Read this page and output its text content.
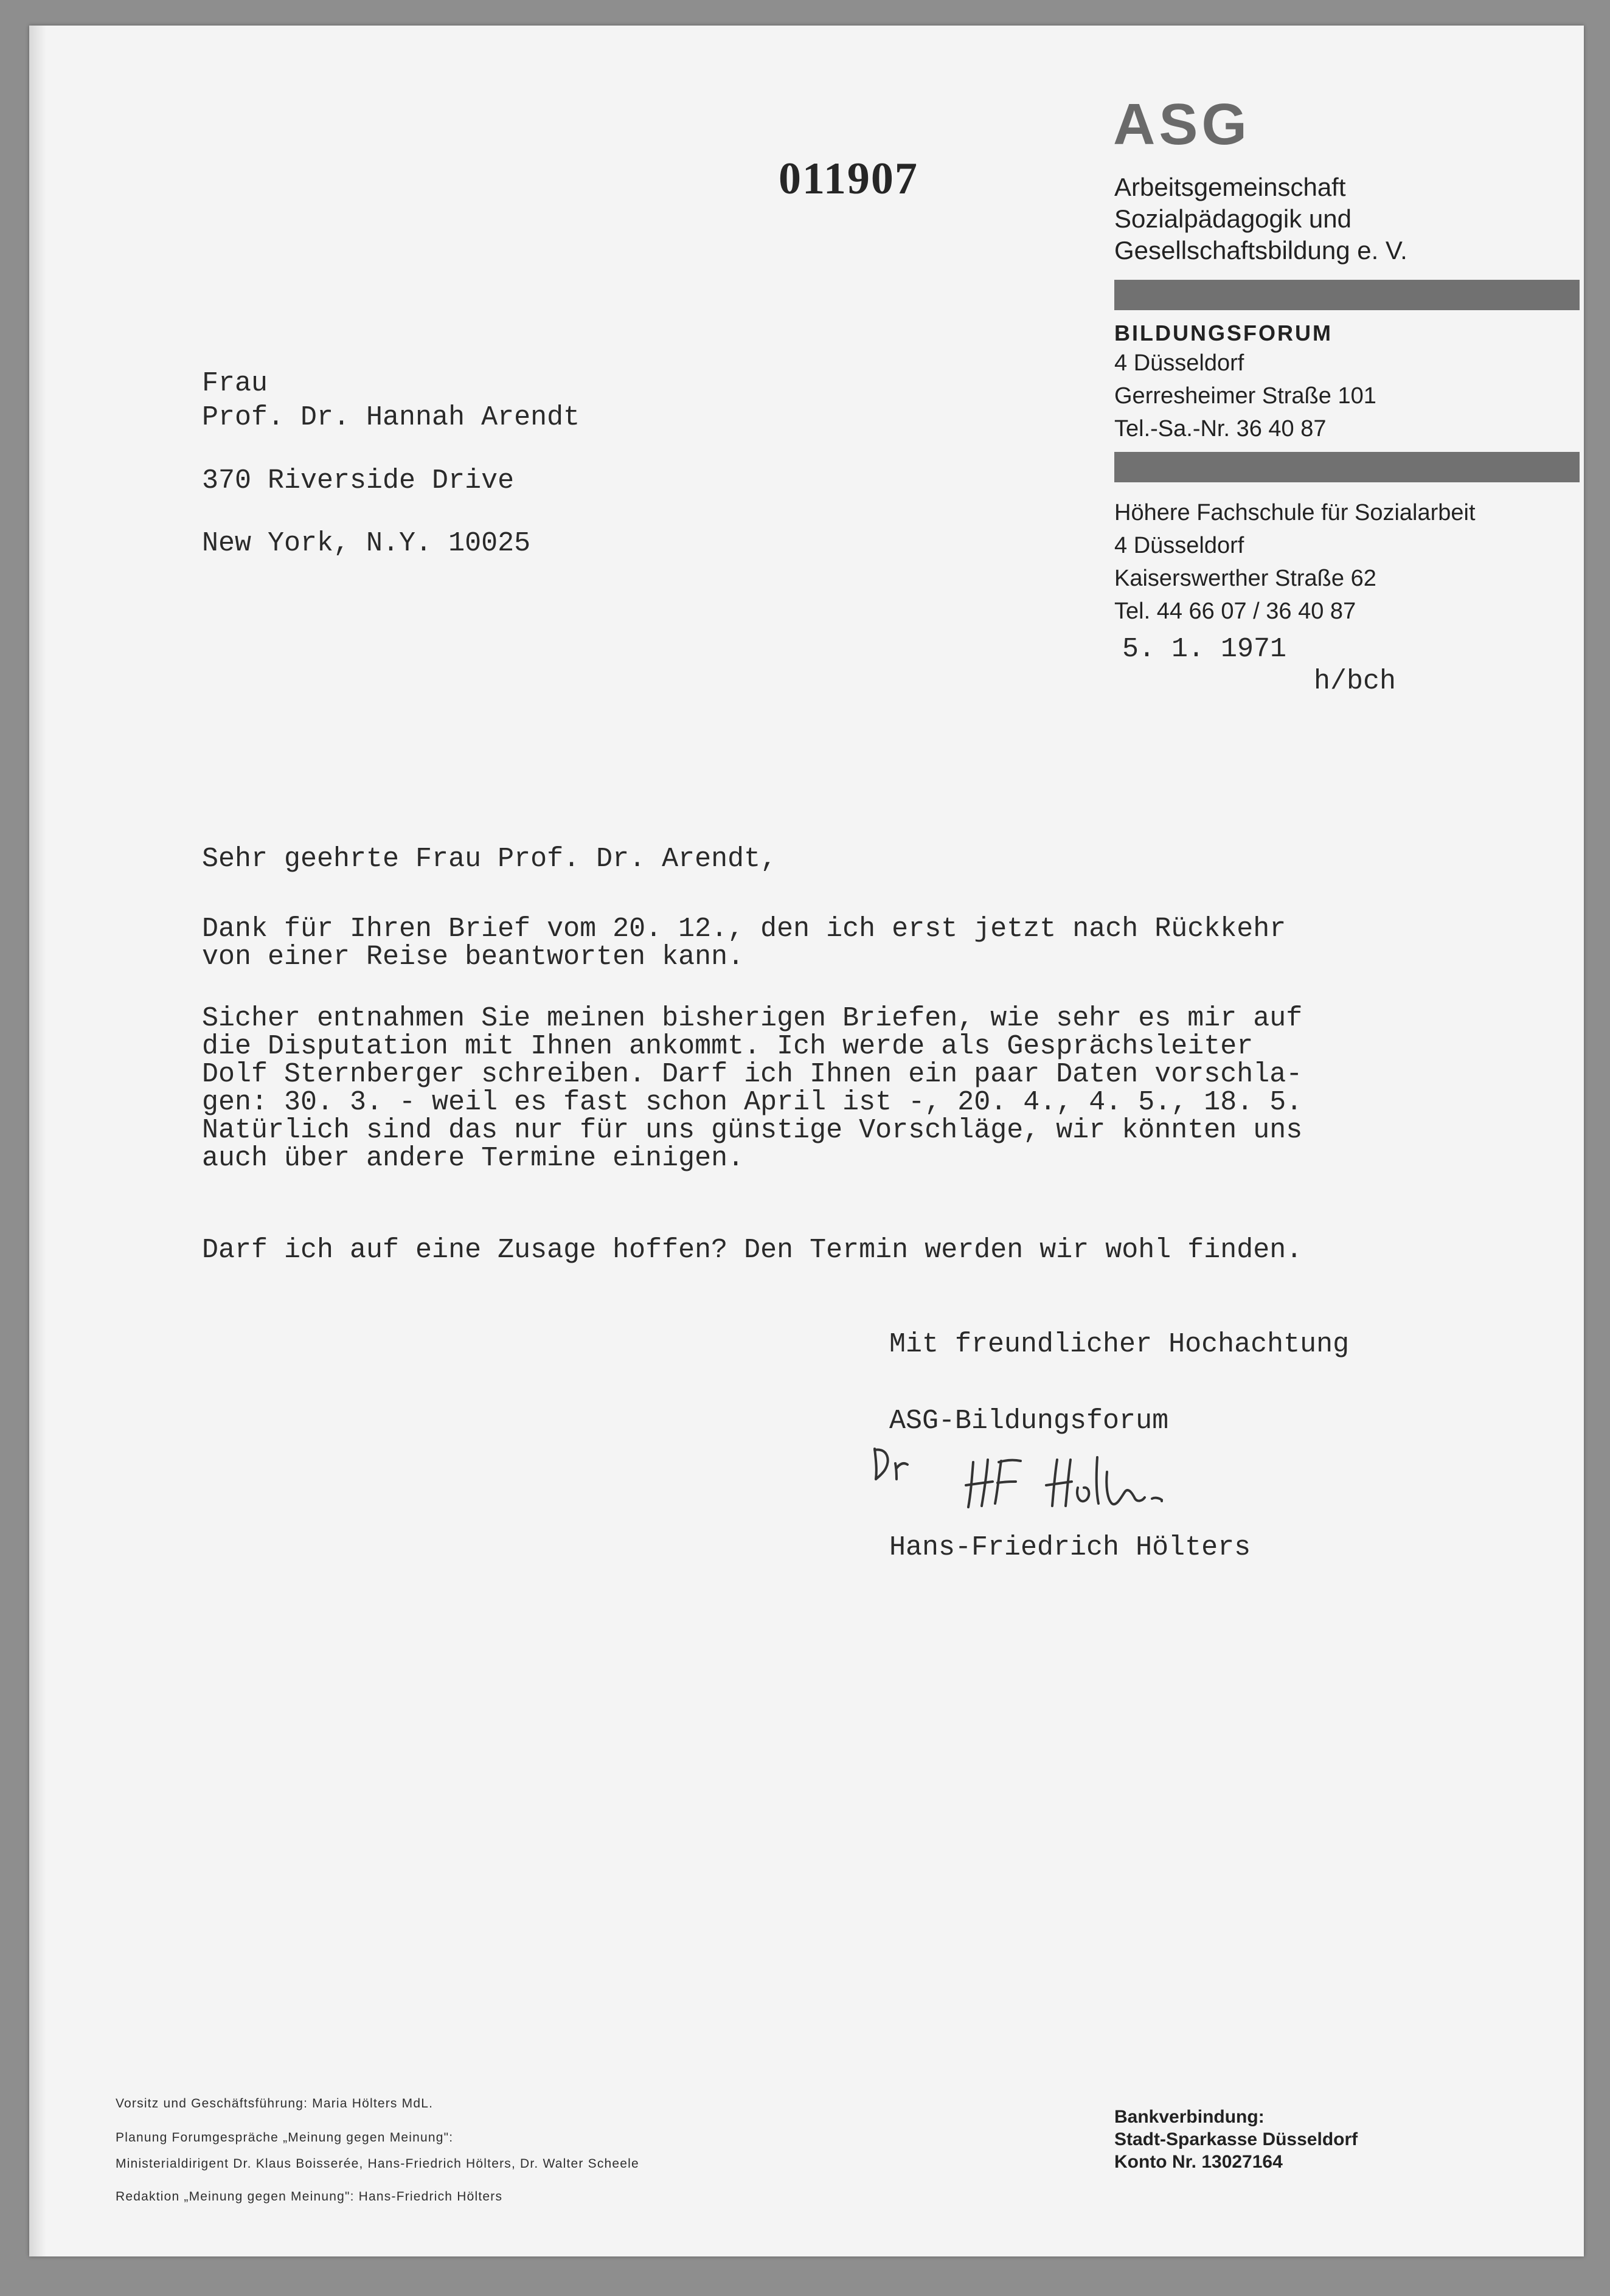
011907

ASG

Arbeitsgemeinschaft
Sozialpädagogik und
Gesellschaftsbildung e. V.

BILDUNGSFORUM

4 Düsseldorf
Gerresheimer Straße 101
Tel.-Sa.-Nr. 36 40 87

Höhere Fachschule für Sozialarbeit
4 Düsseldorf
Kaiserswerther Straße 62
Tel. 44 66 07 / 36 40 87

5. 1. 1971

h/bch

Frau

Prof. Dr. Hannah Arendt

370 Riverside Drive

New York, N.Y. 10025

Sehr geehrte Frau Prof. Dr. Arendt,

Dank für Ihren Brief vom 20. 12., den ich erst jetzt nach Rückkehr
von einer Reise beantworten kann.

Sicher entnahmen Sie meinen bisherigen Briefen, wie sehr es mir auf
die Disputation mit Ihnen ankommt. Ich werde als Gesprächsleiter
Dolf Sternberger schreiben. Darf ich Ihnen ein paar Daten vorschla-
gen: 30. 3. - weil es fast schon April ist -, 20. 4., 4. 5., 18. 5.
Natürlich sind das nur für uns günstige Vorschläge, wir könnten uns
auch über andere Termine einigen.

Darf ich auf eine Zusage hoffen? Den Termin werden wir wohl finden.

Mit freundlicher Hochachtung

ASG-Bildungsforum

Hans-Friedrich Hölters

Vorsitz und Geschäftsführung: Maria Hölters MdL.

Planung Forumgespräche „Meinung gegen Meinung":

Ministerialdirigent Dr. Klaus Boisserée, Hans-Friedrich Hölters, Dr. Walter Scheele

Redaktion „Meinung gegen Meinung": Hans-Friedrich Hölters

Bankverbindung:
Stadt-Sparkasse Düsseldorf
Konto Nr. 13027164
